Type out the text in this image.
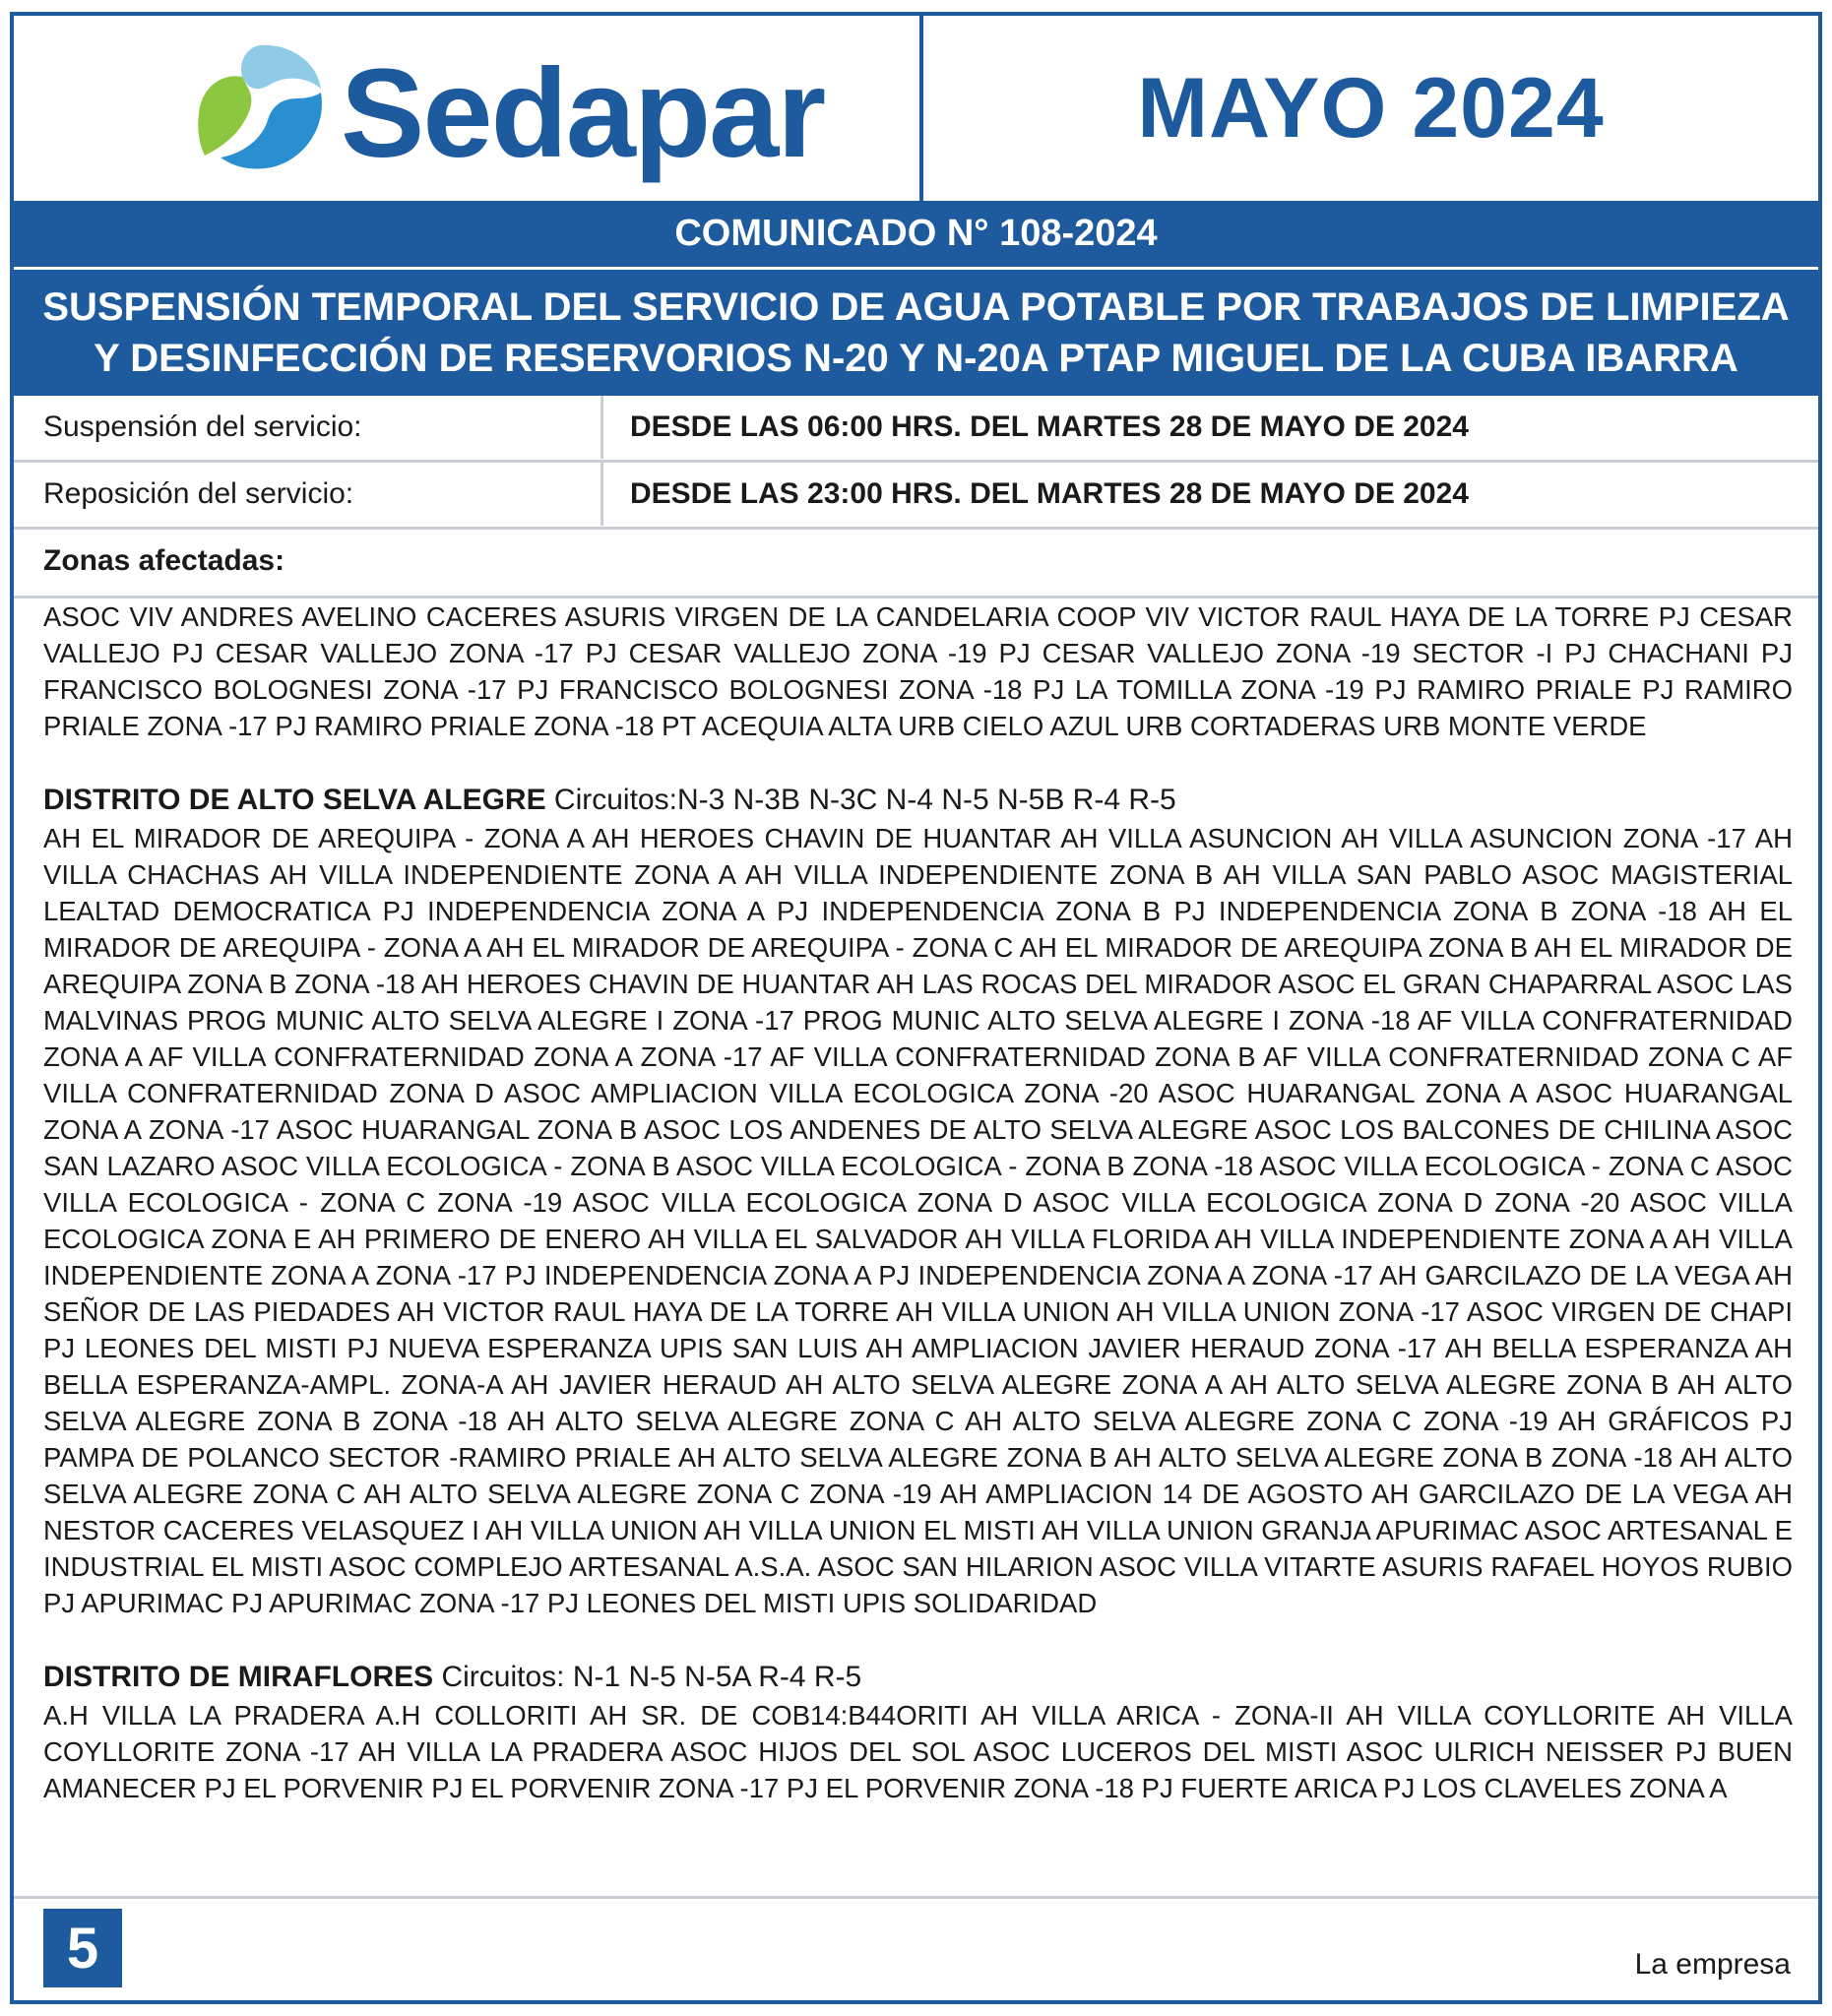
Sedapar	MAYO 2024
COMUNICADO N° 108-2024
SUSPENSIÓN TEMPORAL DEL SERVICIO DE AGUA POTABLE POR TRABAJOS DE LIMPIEZA
Y DESINFECCIÓN DE RESERVORIOS N-20 Y N-20A PTAP MIGUEL DE LA CUBA IBARRA
Suspensión del servicio:	DESDE LAS 06:00 HRS. DEL MARTES 28 DE MAYO DE 2024
Reposición del servicio:	DESDE LAS 23:00 HRS. DEL MARTES 28 DE MAYO DE 2024
Zonas afectadas:

ASOC VIV ANDRES AVELINO CACERES ASURIS VIRGEN DE LA CANDELARIA COOP VIV VICTOR RAUL HAYA DE LA TORRE PJ CESAR VALLEJO PJ CESAR VALLEJO ZONA -17 PJ CESAR VALLEJO ZONA -19 PJ CESAR VALLEJO ZONA -19 SECTOR -I PJ CHACHANI PJ FRANCISCO BOLOGNESI ZONA -17 PJ FRANCISCO BOLOGNESI ZONA -18 PJ LA TOMILLA ZONA -19 PJ RAMIRO PRIALE PJ RAMIRO PRIALE ZONA -17 PJ RAMIRO PRIALE ZONA -18 PT ACEQUIA ALTA URB CIELO AZUL URB CORTADERAS URB MONTE VERDE

DISTRITO DE ALTO SELVA ALEGRE Circuitos:N-3 N-3B N-3C N-4 N-5 N-5B R-4 R-5

AH EL MIRADOR DE AREQUIPA - ZONA A AH HEROES CHAVIN DE HUANTAR AH VILLA ASUNCION AH VILLA ASUNCION ZONA -17 AH VILLA CHACHAS AH VILLA INDEPENDIENTE ZONA A AH VILLA INDEPENDIENTE ZONA B AH VILLA SAN PABLO ASOC MAGISTERIAL LEALTAD DEMOCRATICA PJ INDEPENDENCIA ZONA A PJ INDEPENDENCIA ZONA B PJ INDEPENDENCIA ZONA B ZONA -18 AH EL MIRADOR DE AREQUIPA - ZONA A AH EL MIRADOR DE AREQUIPA - ZONA C AH EL MIRADOR DE AREQUIPA ZONA B AH EL MIRADOR DE AREQUIPA ZONA B ZONA -18 AH HEROES CHAVIN DE HUANTAR AH LAS ROCAS DEL MIRADOR ASOC EL GRAN CHAPARRAL ASOC LAS MALVINAS PROG MUNIC ALTO SELVA ALEGRE I ZONA -17 PROG MUNIC ALTO SELVA ALEGRE I ZONA -18 AF VILLA CONFRATERNIDAD ZONA A AF VILLA CONFRATERNIDAD ZONA A ZONA -17 AF VILLA CONFRATERNIDAD ZONA B AF VILLA CONFRATERNIDAD ZONA C AF VILLA CONFRATERNIDAD ZONA D ASOC AMPLIACION VILLA ECOLOGICA ZONA -20 ASOC HUARANGAL ZONA A ASOC HUARANGAL ZONA A ZONA -17 ASOC HUARANGAL ZONA B ASOC LOS ANDENES DE ALTO SELVA ALEGRE ASOC LOS BALCONES DE CHILINA ASOC SAN LAZARO ASOC VILLA ECOLOGICA - ZONA B ASOC VILLA ECOLOGICA - ZONA B ZONA -18 ASOC VILLA ECOLOGICA - ZONA C ASOC VILLA ECOLOGICA - ZONA C ZONA -19 ASOC VILLA ECOLOGICA ZONA D ASOC VILLA ECOLOGICA ZONA D ZONA -20 ASOC VILLA ECOLOGICA ZONA E AH PRIMERO DE ENERO AH VILLA EL SALVADOR AH VILLA FLORIDA AH VILLA INDEPENDIENTE ZONA A AH VILLA INDEPENDIENTE ZONA A ZONA -17 PJ INDEPENDENCIA ZONA A PJ INDEPENDENCIA ZONA A ZONA -17 AH GARCILAZO DE LA VEGA AH SEÑOR DE LAS PIEDADES AH VICTOR RAUL HAYA DE LA TORRE AH VILLA UNION AH VILLA UNION ZONA -17 ASOC VIRGEN DE CHAPI PJ LEONES DEL MISTI PJ NUEVA ESPERANZA UPIS SAN LUIS AH AMPLIACION JAVIER HERAUD ZONA -17 AH BELLA ESPERANZA AH BELLA ESPERANZA-AMPL. ZONA-A AH JAVIER HERAUD AH ALTO SELVA ALEGRE ZONA A AH ALTO SELVA ALEGRE ZONA B AH ALTO SELVA ALEGRE ZONA B ZONA -18 AH ALTO SELVA ALEGRE ZONA C AH ALTO SELVA ALEGRE ZONA C ZONA -19 AH GRÁFICOS PJ PAMPA DE POLANCO SECTOR -RAMIRO PRIALE AH ALTO SELVA ALEGRE ZONA B AH ALTO SELVA ALEGRE ZONA B ZONA -18 AH ALTO SELVA ALEGRE ZONA C AH ALTO SELVA ALEGRE ZONA C ZONA -19 AH AMPLIACION 14 DE AGOSTO AH GARCILAZO DE LA VEGA AH NESTOR CACERES VELASQUEZ I AH VILLA UNION AH VILLA UNION EL MISTI AH VILLA UNION GRANJA APURIMAC ASOC ARTESANAL E INDUSTRIAL EL MISTI ASOC COMPLEJO ARTESANAL A.S.A. ASOC SAN HILARION ASOC VILLA VITARTE ASURIS RAFAEL HOYOS RUBIO PJ APURIMAC PJ APURIMAC ZONA -17 PJ LEONES DEL MISTI UPIS SOLIDARIDAD

DISTRITO DE MIRAFLORES Circuitos: N-1 N-5 N-5A R-4 R-5

A.H VILLA LA PRADERA A.H COLLORITI AH SR. DE COB14:B44ORITI AH VILLA ARICA - ZONA-II AH VILLA COYLLORITE AH VILLA COYLLORITE ZONA -17 AH VILLA LA PRADERA ASOC HIJOS DEL SOL ASOC LUCEROS DEL MISTI ASOC ULRICH NEISSER PJ BUEN AMANECER PJ EL PORVENIR PJ EL PORVENIR ZONA -17 PJ EL PORVENIR ZONA -18 PJ FUERTE ARICA PJ LOS CLAVELES ZONA A

5	La empresa
